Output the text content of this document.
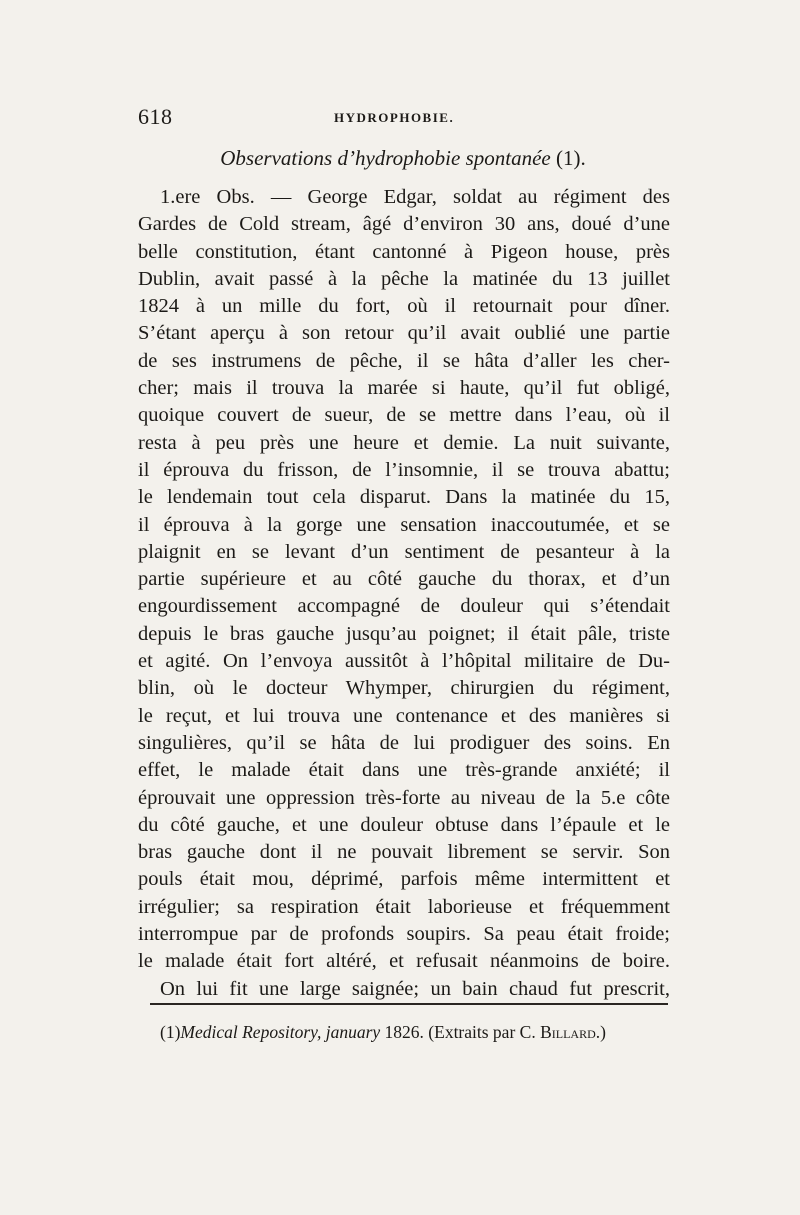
618	HYDROPHOBIE.
Observations d’hydrophobie spontanée (1).
1.ere Obs. — George Edgar, soldat au régiment des
Gardes de Cold stream, âgé d’environ 30 ans, doué d’une
belle constitution, étant cantonné à Pigeon house, près
Dublin, avait passé à la pêche la matinée du 13 juillet
1824 à un mille du fort, où il retournait pour dîner.
S’étant aperçu à son retour qu’il avait oublié une partie
de ses instrumens de pêche, il se hâta d’aller les cher-
cher; mais il trouva la marée si haute, qu’il fut obligé,
quoique couvert de sueur, de se mettre dans l’eau, où il
resta à peu près une heure et demie. La nuit suivante,
il éprouva du frisson, de l’insomnie, il se trouva abattu;
le lendemain tout cela disparut. Dans la matinée du 15,
il éprouva à la gorge une sensation inaccoutumée, et se
plaignit en se levant d’un sentiment de pesanteur à la
partie supérieure et au côté gauche du thorax, et d’un
engourdissement accompagné de douleur qui s’étendait
depuis le bras gauche jusqu’au poignet; il était pâle, triste
et agité. On l’envoya aussitôt à l’hôpital militaire de Du-
blin, où le docteur Whymper, chirurgien du régiment,
le reçut, et lui trouva une contenance et des manières si
singulières, qu’il se hâta de lui prodiguer des soins. En
effet, le malade était dans une très-grande anxiété; il
éprouvait une oppression très-forte au niveau de la 5.e côte
du côté gauche, et une douleur obtuse dans l’épaule et le
bras gauche dont il ne pouvait librement se servir. Son
pouls était mou, déprimé, parfois même intermittent et
irrégulier; sa respiration était laborieuse et fréquemment
interrompue par de profonds soupirs. Sa peau était froide;
le malade était fort altéré, et refusait néanmoins de boire.
On lui fit une large saignée; un bain chaud fut prescrit,
(1)Medical Repository, january 1826. (Extraits par C. Billard.)
